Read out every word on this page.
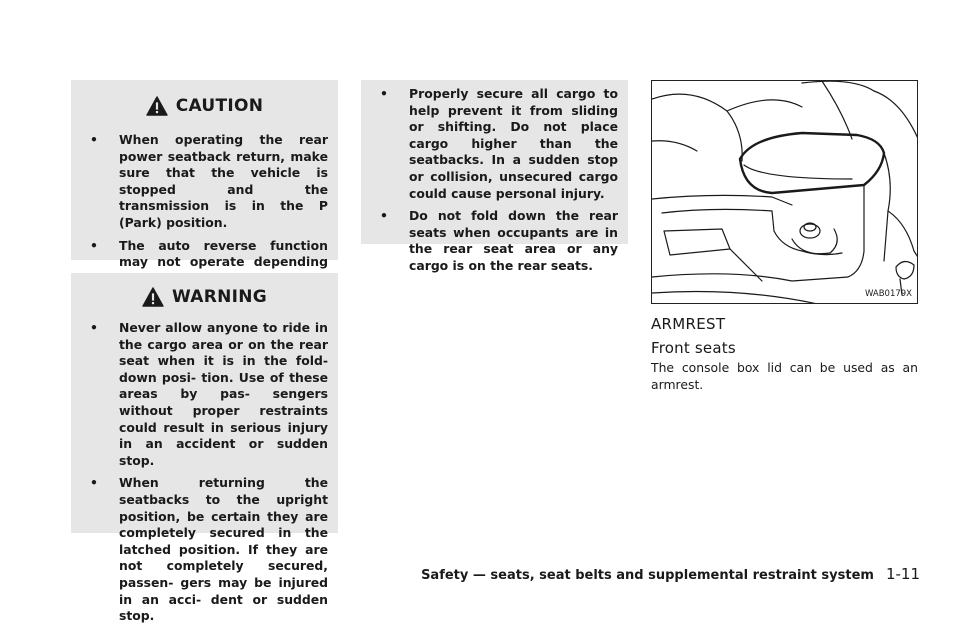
CAUTION
• When operating the rear power seatback return, make sure that the vehicle is stopped and the transmission is in the P (Park) position.
• The auto reverse function may not operate depending
WARNING
• Never allow anyone to ride in the cargo area or on the rear seat when it is in the fold-down posi- tion. Use of these areas by pas- sengers without proper restraints could result in serious injury in an accident or sudden stop.
• When returning the seatbacks to the upright position, be certain they are completely secured in the latched position. If they are not completely secured, passen- gers may be injured in an acci- dent or sudden stop.
• Properly secure all cargo to help prevent it from sliding or shifting. Do not place cargo higher than the seatbacks. In a sudden stop or collision, unsecured cargo could cause personal injury.
• Do not fold down the rear seats when occupants are in the rear seat area or any cargo is on the rear seats.
WAB0179X
ARMREST
Front seats
The console box lid can be used as an armrest.
Safety — seats, seat belts and supplemental restraint system 1-11
